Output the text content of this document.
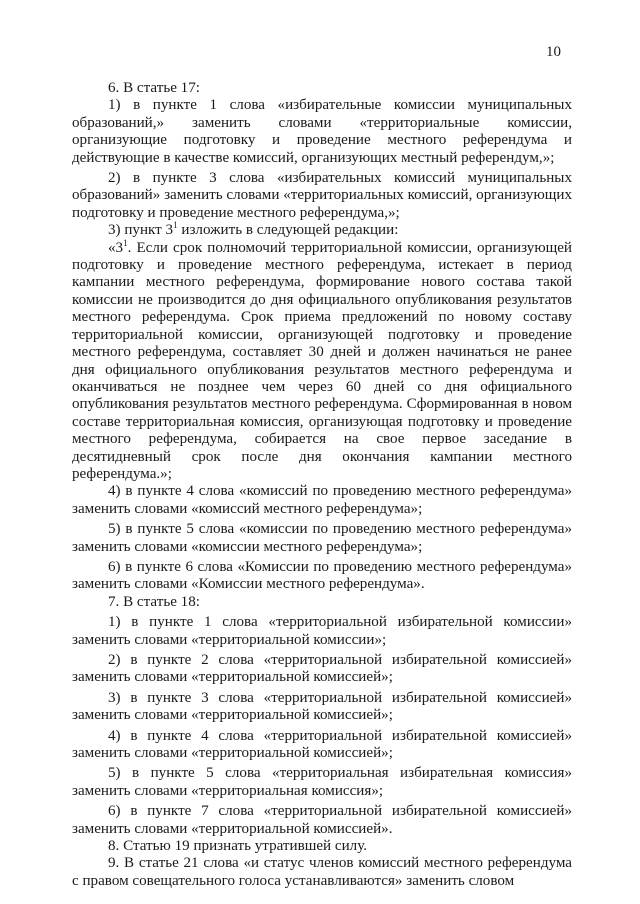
10

6. В статье 17:

1) в пункте 1 слова «избирательные комиссии муниципальных образований,» заменить словами «территориальные комиссии, организующие подготовку и проведение местного референдума и действующие в качестве комиссий, организующих местный референдум,»;

2) в пункте 3 слова «избирательных комиссий муниципальных образований» заменить словами «территориальных комиссий, организующих подготовку и проведение местного референдума,»;

3) пункт $3^1$ изложить в следующей редакции:

«$3^1$. Если срок полномочий территориальной комиссии, организующей подготовку и проведение местного референдума, истекает в период кампании местного референдума, формирование нового состава такой комиссии не производится до дня официального опубликования результатов местного референдума. Срок приема предложений по новому составу территориальной комиссии, организующей подготовку и проведение местного референдума, составляет 30 дней и должен начинаться не ранее дня официального опубликования результатов местного референдума и оканчиваться не позднее чем через 60 дней со дня официального опубликования результатов местного референдума. Сформированная в новом составе территориальная комиссия, организующая подготовку и проведение местного референдума, собирается на свое первое заседание в десятидневный срок после дня окончания кампании местного референдума.»;

4) в пункте 4 слова «комиссий по проведению местного референдума» заменить словами «комиссий местного референдума»;

5) в пункте 5 слова «комиссии по проведению местного референдума» заменить словами «комиссии местного референдума»;

6) в пункте 6 слова «Комиссии по проведению местного референдума» заменить словами «Комиссии местного референдума».

7. В статье 18:

1) в пункте 1 слова «территориальной избирательной комиссии» заменить словами «территориальной комиссии»;

2) в пункте 2 слова «территориальной избирательной комиссией» заменить словами «территориальной комиссией»;

3) в пункте 3 слова «территориальной избирательной комиссией» заменить словами «территориальной комиссией»;

4) в пункте 4 слова «территориальной избирательной комиссией» заменить словами «территориальной комиссией»;

5) в пункте 5 слова «территориальная избирательная комиссия» заменить словами «территориальная комиссия»;

6) в пункте 7 слова «территориальной избирательной комиссией» заменить словами «территориальной комиссией».

8. Статью 19 признать утратившей силу.

9. В статье 21 слова «и статус членов комиссий местного референдума с правом совещательного голоса устанавливаются» заменить словом
